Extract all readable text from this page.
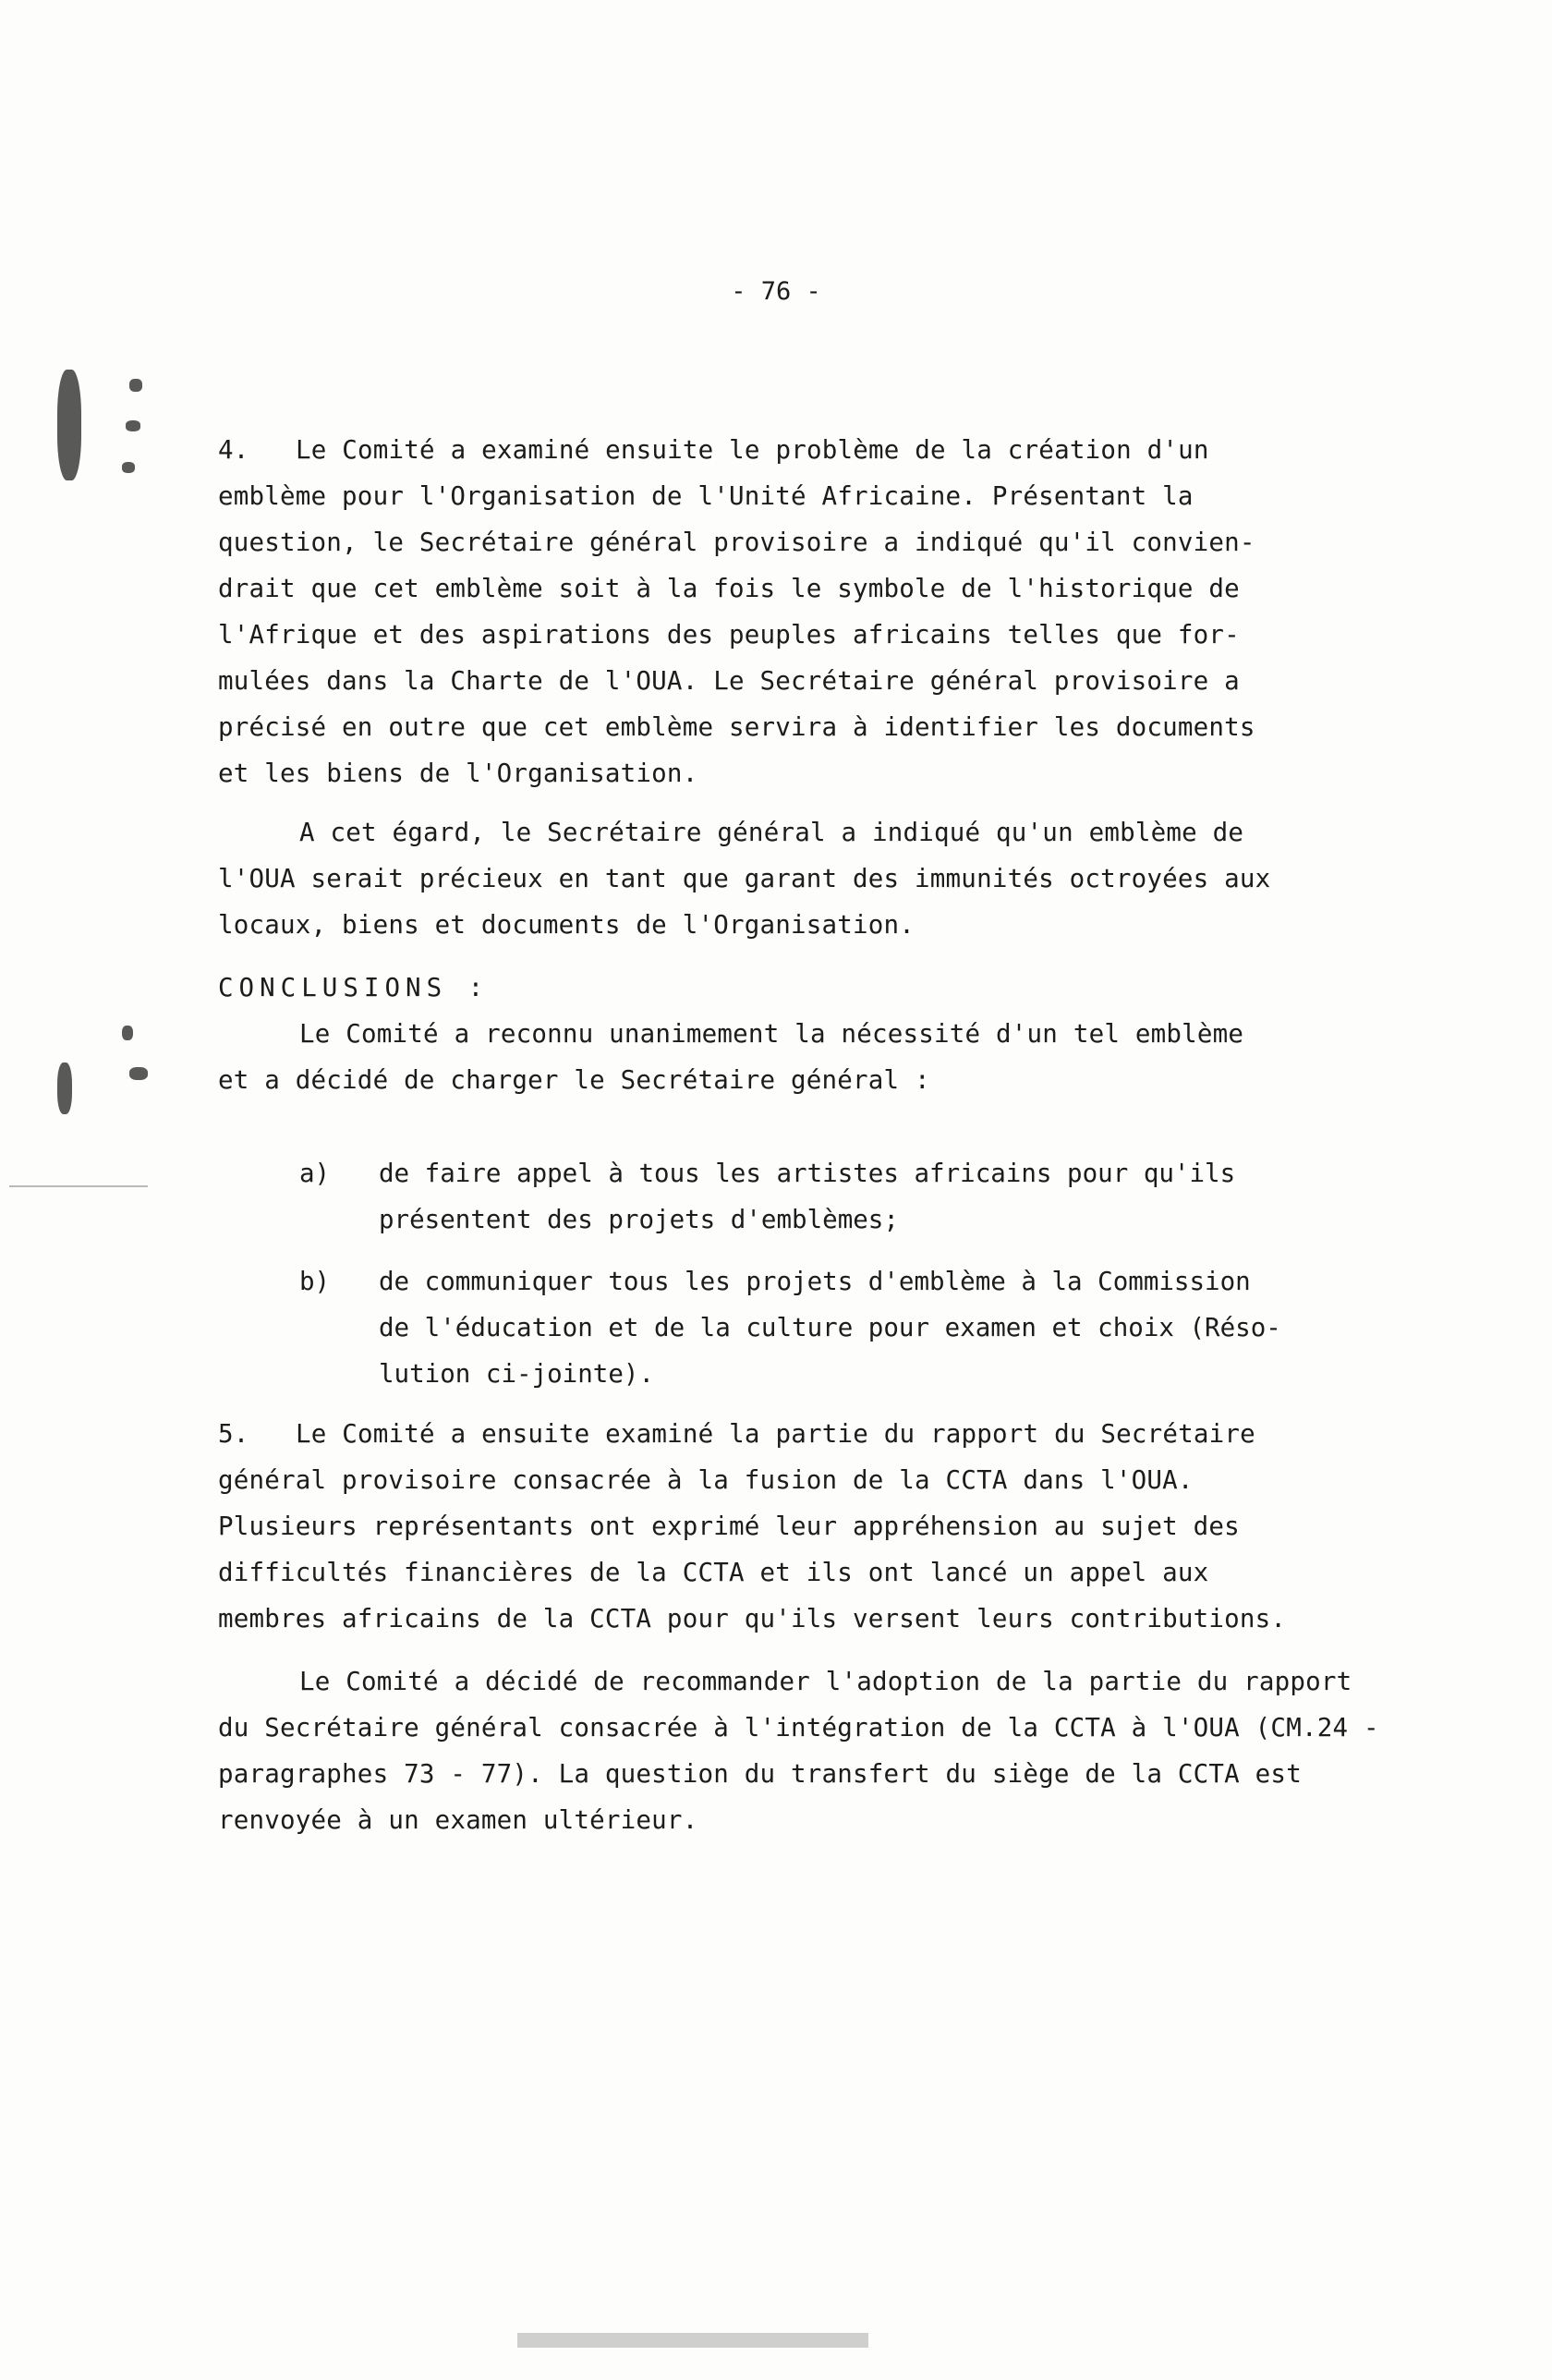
- 76 -
4. Le Comité a examiné ensuite le problème de la création d'un
emblème pour l'Organisation de l'Unité Africaine. Présentant la
question, le Secrétaire général provisoire a indiqué qu'il convien-
drait que cet emblème soit à la fois le symbole de l'historique de
l'Afrique et des aspirations des peuples africains telles que for-
mulées dans la Charte de l'OUA. Le Secrétaire général provisoire a
précisé en outre que cet emblème servira à identifier les documents
et les biens de l'Organisation.
A cet égard, le Secrétaire général a indiqué qu'un emblème de
l'OUA serait précieux en tant que garant des immunités octroyées aux
locaux, biens et documents de l'Organisation.
CONCLUSIONS :
Le Comité a reconnu unanimement la nécessité d'un tel emblème
et a décidé de charger le Secrétaire général :
a) de faire appel à tous les artistes africains pour qu'ils
présentent des projets d'emblèmes;
b) de communiquer tous les projets d'emblème à la Commission
de l'éducation et de la culture pour examen et choix (Réso-
lution ci-jointe).
5. Le Comité a ensuite examiné la partie du rapport du Secrétaire
général provisoire consacrée à la fusion de la CCTA dans l'OUA.
Plusieurs représentants ont exprimé leur appréhension au sujet des
difficultés financières de la CCTA et ils ont lancé un appel aux
membres africains de la CCTA pour qu'ils versent leurs contributions.
Le Comité a décidé de recommander l'adoption de la partie du rapport
du Secrétaire général consacrée à l'intégration de la CCTA à l'OUA (CM.24 -
paragraphes 73 - 77). La question du transfert du siège de la CCTA est
renvoyée à un examen ultérieur.
